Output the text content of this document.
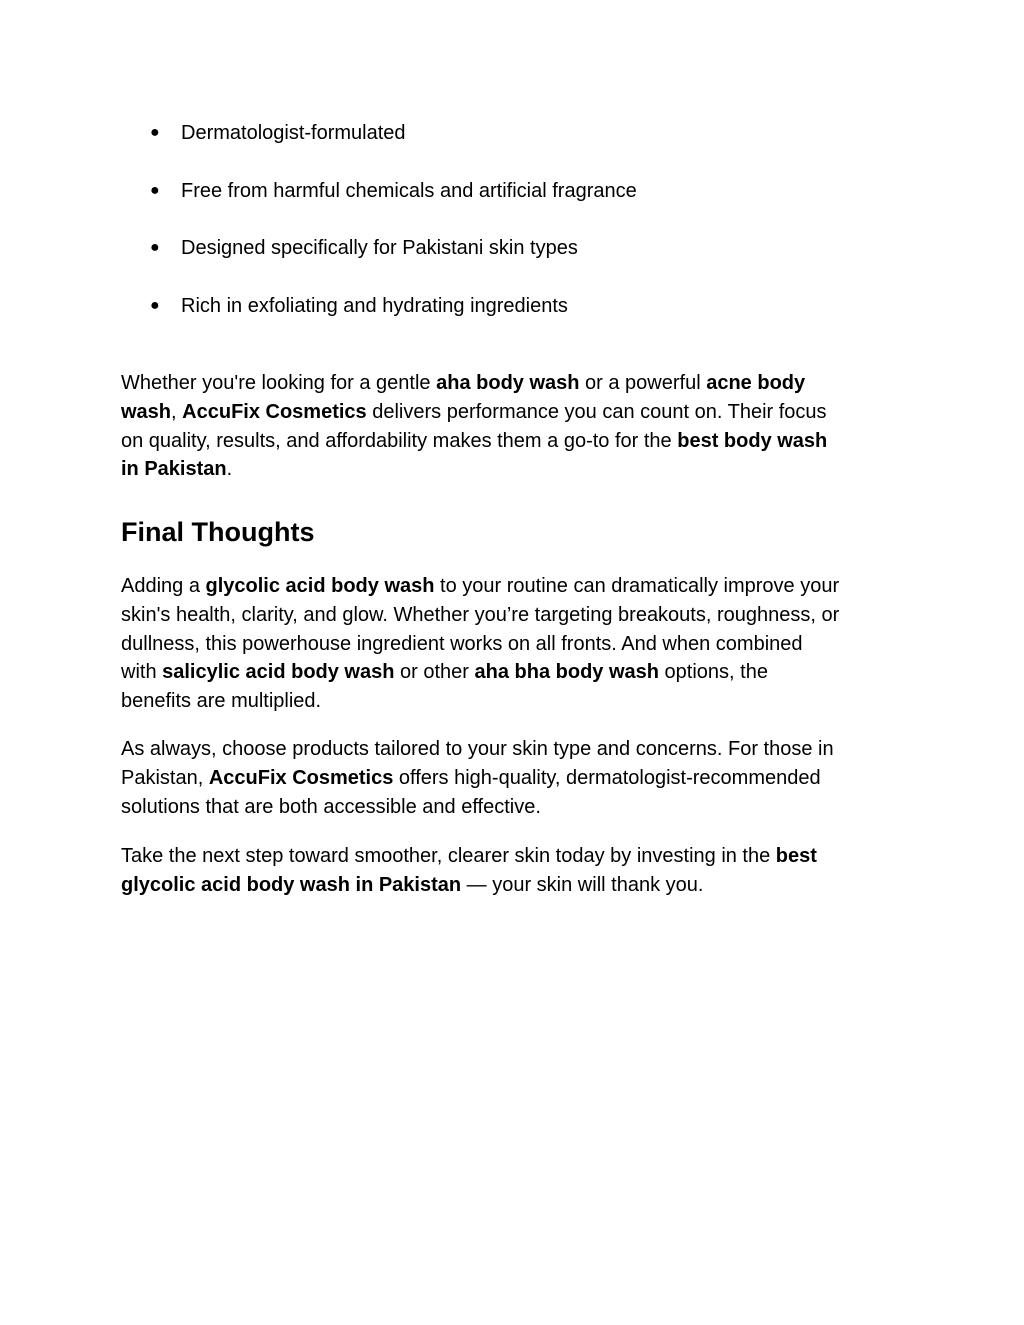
●	Dermatologist-formulated
●	Free from harmful chemicals and artificial fragrance
●	Designed specifically for Pakistani skin types
●	Rich in exfoliating and hydrating ingredients

Whether you're looking for a gentle aha body wash or a powerful acne body
wash, AccuFix Cosmetics delivers performance you can count on. Their focus
on quality, results, and affordability makes them a go-to for the best body wash
in Pakistan.

Final Thoughts

Adding a glycolic acid body wash to your routine can dramatically improve your
skin's health, clarity, and glow. Whether you’re targeting breakouts, roughness, or
dullness, this powerhouse ingredient works on all fronts. And when combined
with salicylic acid body wash or other aha bha body wash options, the
benefits are multiplied.

As always, choose products tailored to your skin type and concerns. For those in
Pakistan, AccuFix Cosmetics offers high-quality, dermatologist-recommended
solutions that are both accessible and effective.

Take the next step toward smoother, clearer skin today by investing in the best
glycolic acid body wash in Pakistan — your skin will thank you.
